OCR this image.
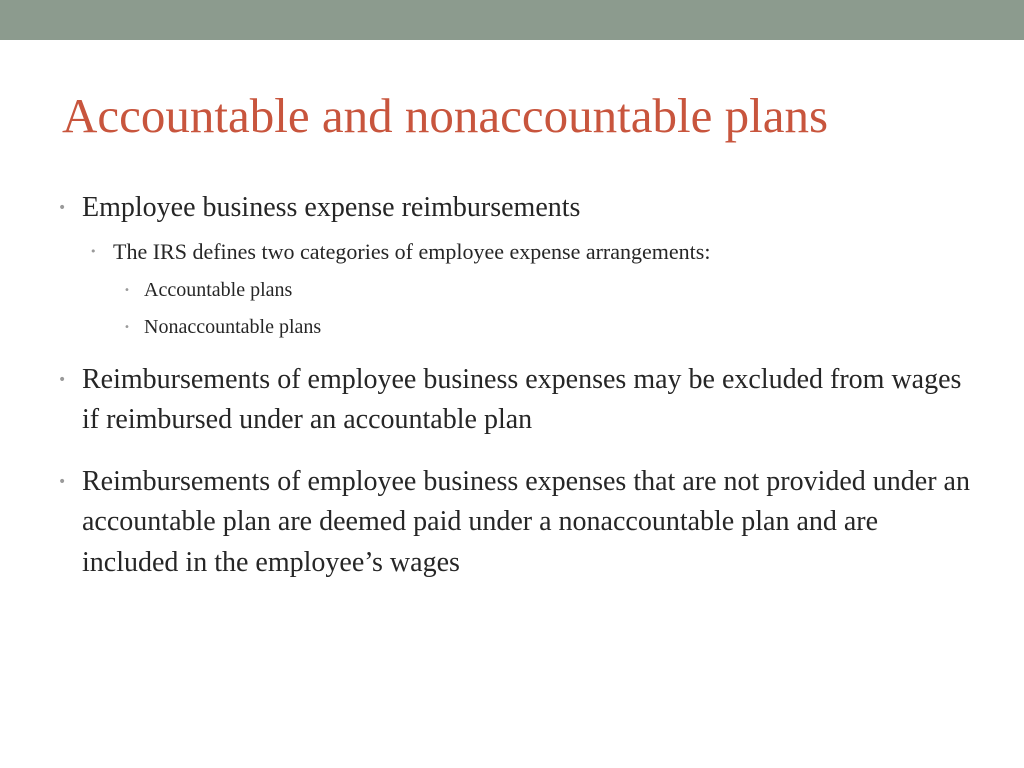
Accountable and nonaccountable plans
• Employee business expense reimbursements
• The IRS defines two categories of employee expense arrangements:
• Accountable plans
• Nonaccountable plans
• Reimbursements of employee business expenses may be excluded from wages if reimbursed under an accountable plan
• Reimbursements of employee business expenses that are not provided under an accountable plan are deemed paid under a nonaccountable plan and are included in the employee’s wages
